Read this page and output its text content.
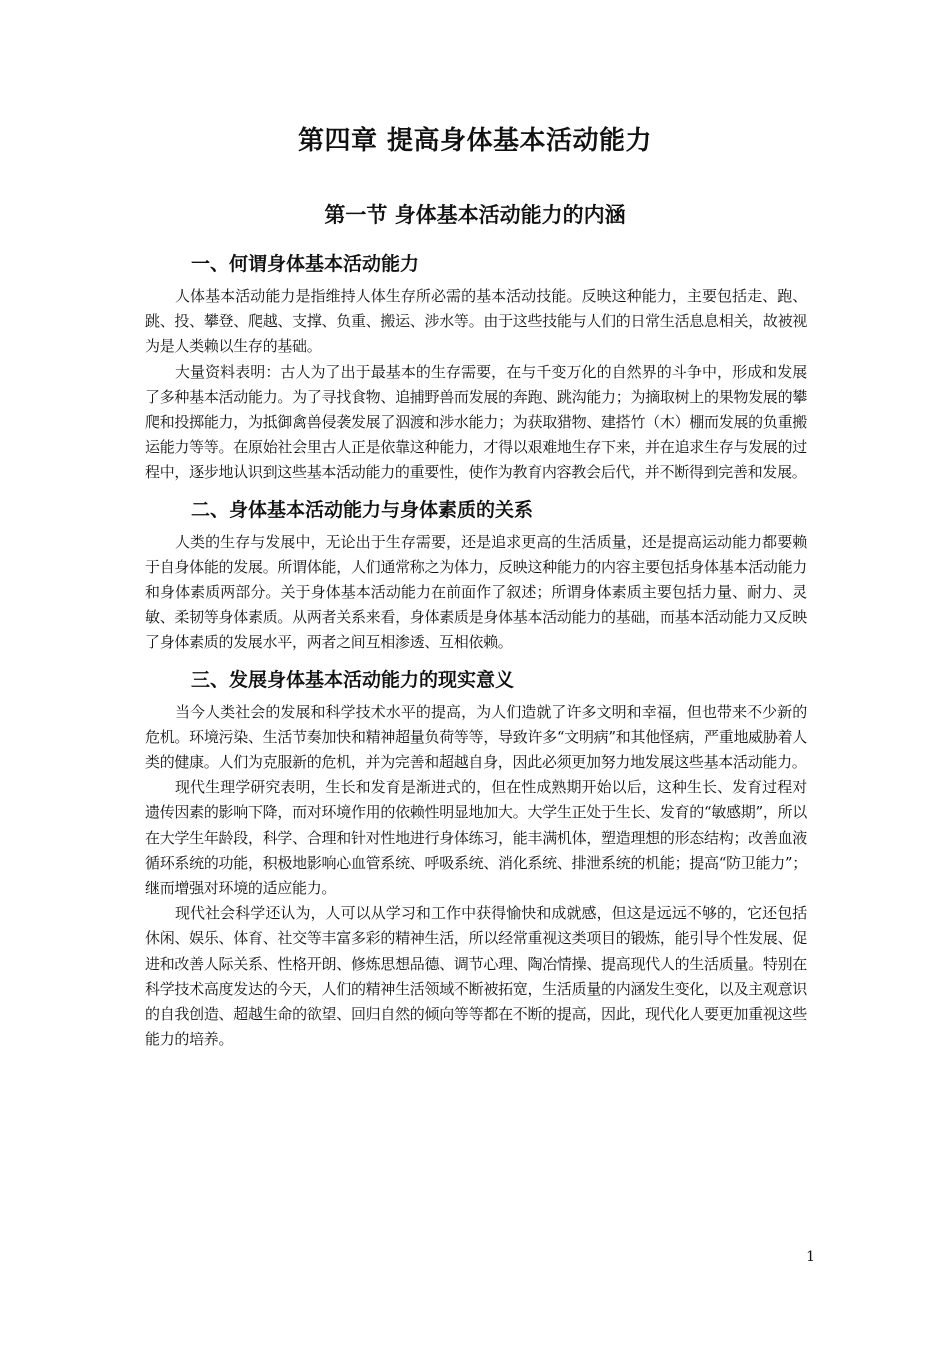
第四章 提高身体基本活动能力
第一节 身体基本活动能力的内涵
一、何谓身体基本活动能力

人体基本活动能力是指维持人体生存所必需的基本活动技能。反映这种能力，主要包括走、跑、跳、投、攀登、爬越、支撑、负重、搬运、涉水等。由于这些技能与人们的日常生活息息相关，故被视为是人类赖以生存的基础。

大量资料表明：古人为了出于最基本的生存需要，在与千变万化的自然界的斗争中，形成和发展了多种基本活动能力。为了寻找食物、追捕野兽而发展的奔跑、跳沟能力；为摘取树上的果物发展的攀爬和投掷能力，为抵御禽兽侵袭发展了泅渡和涉水能力；为获取猎物、建搭竹（木）棚而发展的负重搬运能力等等。在原始社会里古人正是依靠这种能力，才得以艰难地生存下来，并在追求生存与发展的过程中，逐步地认识到这些基本活动能力的重要性，使作为教育内容教会后代，并不断得到完善和发展。

二、身体基本活动能力与身体素质的关系

人类的生存与发展中，无论出于生存需要，还是追求更高的生活质量，还是提高运动能力都要赖于自身体能的发展。所谓体能，人们通常称之为体力，反映这种能力的内容主要包括身体基本活动能力和身体素质两部分。关于身体基本活动能力在前面作了叙述；所谓身体素质主要包括力量、耐力、灵敏、柔韧等身体素质。从两者关系来看，身体素质是身体基本活动能力的基础，而基本活动能力又反映了身体素质的发展水平，两者之间互相渗透、互相依赖。

三、发展身体基本活动能力的现实意义

当今人类社会的发展和科学技术水平的提高，为人们造就了许多文明和幸福，但也带来不少新的危机。环境污染、生活节奏加快和精神超量负荷等等，导致许多“文明病”和其他怪病，严重地威胁着人类的健康。人们为克服新的危机，并为完善和超越自身，因此必须更加努力地发展这些基本活动能力。

现代生理学研究表明，生长和发育是渐进式的，但在性成熟期开始以后，这种生长、发育过程对遗传因素的影响下降，而对环境作用的依赖性明显地加大。大学生正处于生长、发育的“敏感期”，所以在大学生年龄段，科学、合理和针对性地进行身体练习，能丰满机体，塑造理想的形态结构；改善血液循环系统的功能，积极地影响心血管系统、呼吸系统、消化系统、排泄系统的机能；提高“防卫能力”；继而增强对环境的适应能力。

现代社会科学还认为，人可以从学习和工作中获得愉快和成就感，但这是远远不够的，它还包括休闲、娱乐、体育、社交等丰富多彩的精神生活，所以经常重视这类项目的锻炼，能引导个性发展、促进和改善人际关系、性格开朗、修炼思想品德、调节心理、陶冶情操、提高现代人的生活质量。特别在科学技术高度发达的今天，人们的精神生活领域不断被拓宽，生活质量的内涵发生变化，以及主观意识的自我创造、超越生命的欲望、回归自然的倾向等等都在不断的提高，因此，现代化人要更加重视这些能力的培养。

1
